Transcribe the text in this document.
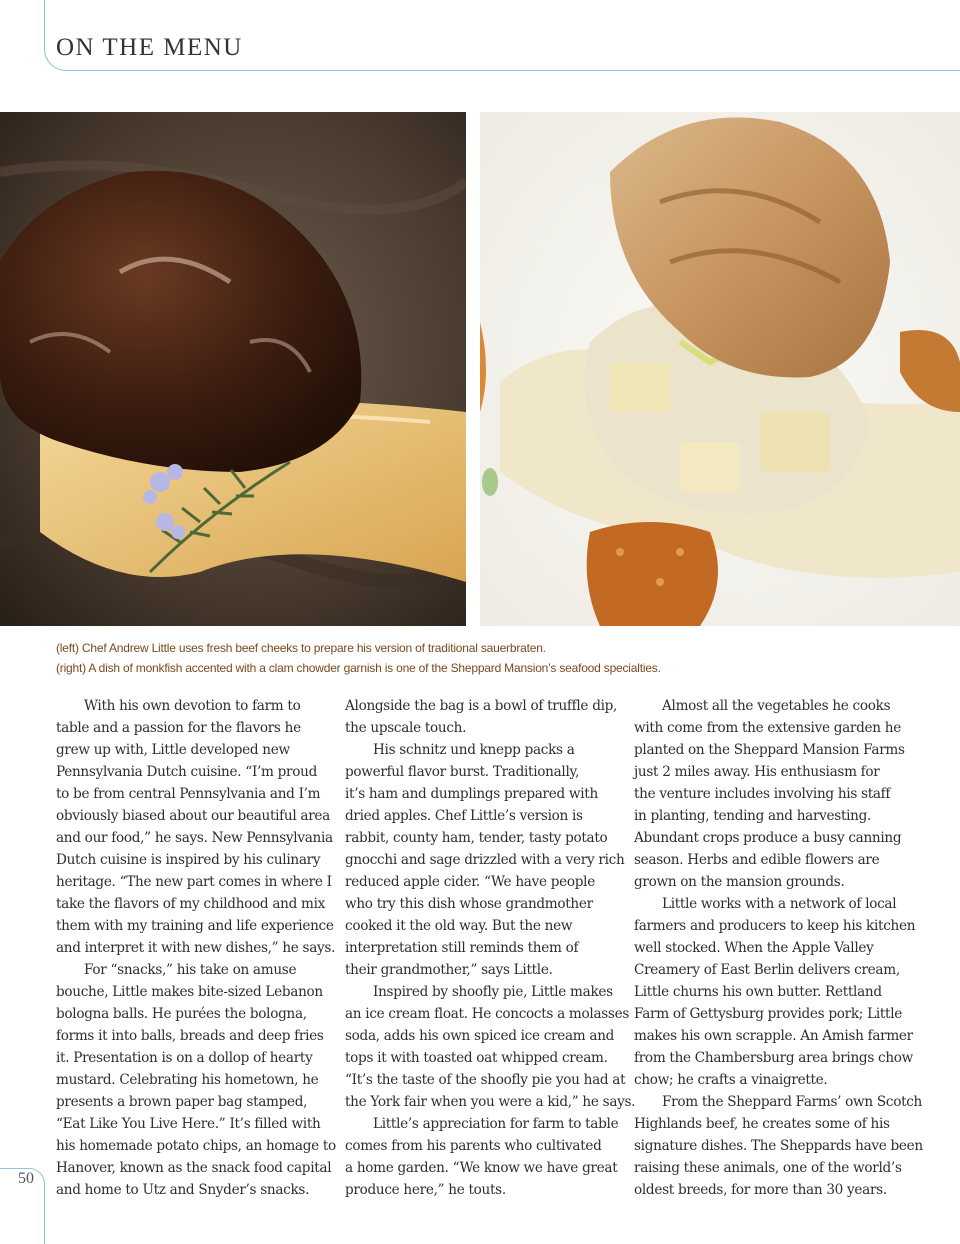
ON THE MENU

(left) Chef Andrew Little uses fresh beef cheeks to prepare his version of traditional sauerbraten.

(right) A dish of monkfish accented with a clam chowder garnish is one of the Sheppard Mansion’s seafood specialties.

With his own devotion to farm to
table and a passion for the flavors he
grew up with, Little developed new
Pennsylvania Dutch cuisine. “I’m proud
to be from central Pennsylvania and I’m
obviously biased about our beautiful area
and our food,” he says. New Pennsylvania
Dutch cuisine is inspired by his culinary
heritage. “The new part comes in where I
take the flavors of my childhood and mix
them with my training and life experience
and interpret it with new dishes,” he says.
For “snacks,” his take on amuse
bouche, Little makes bite-sized Lebanon
bologna balls. He purées the bologna,
forms it into balls, breads and deep fries
it. Presentation is on a dollop of hearty
mustard. Celebrating his hometown, he
presents a brown paper bag stamped,
“Eat Like You Live Here.” It’s filled with
his homemade potato chips, an homage to
Hanover, known as the snack food capital
and home to Utz and Snyder’s snacks.
Alongside the bag is a bowl of truffle dip,
the upscale touch.
His schnitz und knepp packs a
powerful flavor burst. Traditionally,
it’s ham and dumplings prepared with
dried apples. Chef Little’s version is
rabbit, county ham, tender, tasty potato
gnocchi and sage drizzled with a very rich
reduced apple cider. “We have people
who try this dish whose grandmother
cooked it the old way. But the new
interpretation still reminds them of
their grandmother,” says Little.
Inspired by shoofly pie, Little makes
an ice cream float. He concocts a molasses
soda, adds his own spiced ice cream and
tops it with toasted oat whipped cream.
“It’s the taste of the shoofly pie you had at
the York fair when you were a kid,” he says.
Little’s appreciation for farm to table
comes from his parents who cultivated
a home garden. “We know we have great
produce here,” he touts.
Almost all the vegetables he cooks
with come from the extensive garden he
planted on the Sheppard Mansion Farms
just 2 miles away. His enthusiasm for
the venture includes involving his staff
in planting, tending and harvesting.
Abundant crops produce a busy canning
season. Herbs and edible flowers are
grown on the mansion grounds.
Little works with a network of local
farmers and producers to keep his kitchen
well stocked. When the Apple Valley
Creamery of East Berlin delivers cream,
Little churns his own butter. Rettland
Farm of Gettysburg provides pork; Little
makes his own scrapple. An Amish farmer
from the Chambersburg area brings chow
chow; he crafts a vinaigrette.
From the Sheppard Farms’ own Scotch
Highlands beef, he creates some of his
signature dishes. The Sheppards have been
raising these animals, one of the world’s
oldest breeds, for more than 30 years.
50
